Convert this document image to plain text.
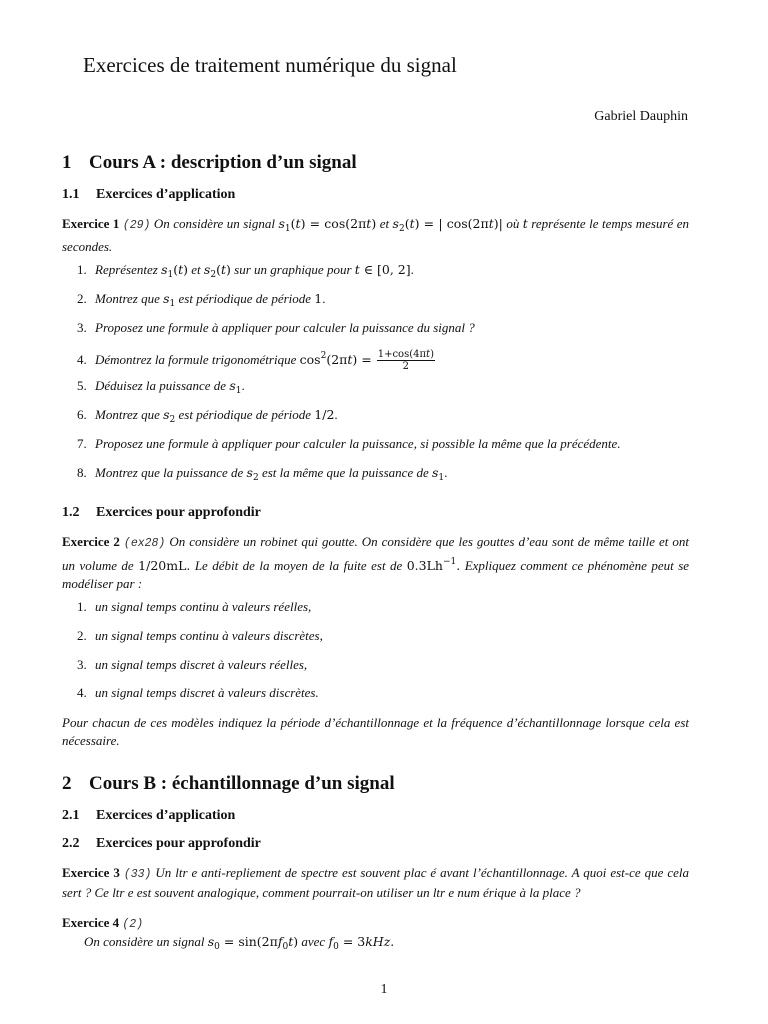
Exercices de traitement numérique du signal
Gabriel Dauphin
1 Cours A : description d’un signal
1.1 Exercices d’application
Exercice 1 (29) On considère un signal $s_1(t) = \cos(2\pi t)$ et $s_2(t)$ = | cos(2πt)| où t représente le temps mesuré en secondes.
1. Représentez $s_1(t)$ et $s_2(t)$ sur un graphique pour t ∈ [0, 2].
2. Montrez que $s_1$ est périodique de période 1.
3. Proposez une formule à appliquer pour calculer la puissance du signal ?
4. Démontrez la formule trigonométrique $\cos^2(2\pi t) = \frac{1+\cos(4\pi t)}{2}$
5. Déduisez la puissance de $s_1$.
6. Montrez que $s_2$ est périodique de période 1/2.
7. Proposez une formule à appliquer pour calculer la puissance, si possible la même que la précédente.
8. Montrez que la puissance de $s_2$ est la même que la puissance de $s_1$.
1.2 Exercices pour approfondir
Exercice 2 (ex28) On considère un robinet qui goutte. On considère que les gouttes d’eau sont de même taille et ont un volume de 1/20mL. Le débit de la moyen de la fuite est de $0.3Lh^{-1}$. Expliquez comment ce phénomène peut se modéliser par :
1. un signal temps continu à valeurs réelles,
2. un signal temps continu à valeurs discrètes,
3. un signal temps discret à valeurs réelles,
4. un signal temps discret à valeurs discrètes.
Pour chacun de ces modèles indiquez la période d’échantillonnage et la fréquence d’échantillonnage lorsque cela est nécessaire.
2 Cours B : échantillonnage d’un signal
2.1 Exercices d’application
2.2 Exercices pour approfondir
Exercice 3 (33) Un ltr e anti-repliement de spectre est souvent plac é avant l’échantillonnage. A quoi est-ce que cela sert ? Ce ltr e est souvent analogique, comment pourrait-on utiliser un ltr e num érique à la place ?
Exercice 4 (2)
On considère un signal $s_0 = \sin(2\pi f_0t)$ avec $f_0 = 3kHz$.
1
